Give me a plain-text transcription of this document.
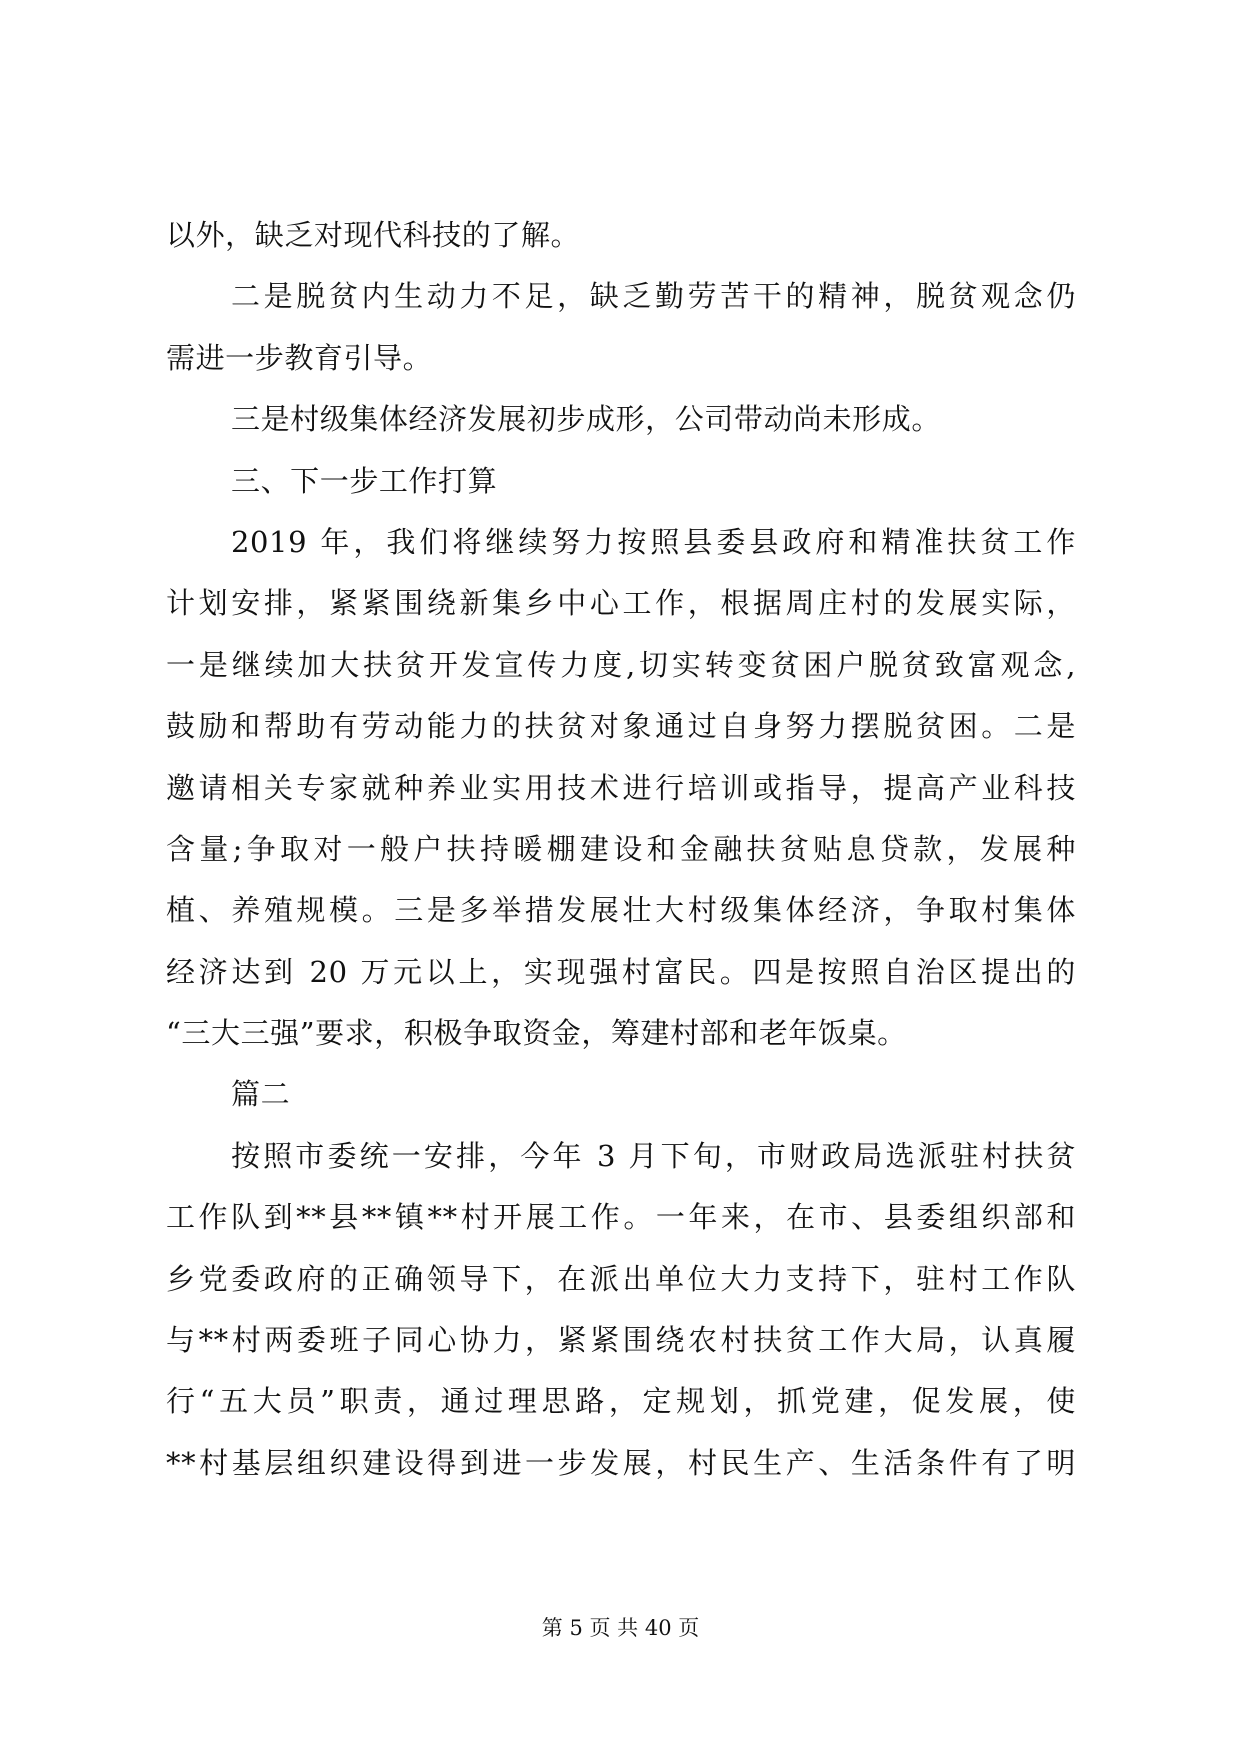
以外，缺乏对现代科技的了解。
二是脱贫内生动力不足，缺乏勤劳苦干的精神，脱贫观念仍
需进一步教育引导。
三是村级集体经济发展初步成形，公司带动尚未形成。
三、下一步工作打算
2019 年，我们将继续努力按照县委县政府和精准扶贫工作
计划安排，紧紧围绕新集乡中心工作，根据周庄村的发展实际，
一是继续加大扶贫开发宣传力度,切实转变贫困户脱贫致富观念,
鼓励和帮助有劳动能力的扶贫对象通过自身努力摆脱贫困。二是
邀请相关专家就种养业实用技术进行培训或指导，提高产业科技
含量;争取对一般户扶持暖棚建设和金融扶贫贴息贷款，发展种
植、养殖规模。三是多举措发展壮大村级集体经济，争取村集体
经济达到 20 万元以上，实现强村富民。四是按照自治区提出的
“三大三强”要求，积极争取资金，筹建村部和老年饭桌。
篇二
按照市委统一安排，今年 3 月下旬，市财政局选派驻村扶贫
工作队到**县**镇**村开展工作。一年来，在市、县委组织部和
乡党委政府的正确领导下，在派出单位大力支持下，驻村工作队
与**村两委班子同心协力，紧紧围绕农村扶贫工作大局，认真履
行“五大员”职责，通过理思路，定规划，抓党建，促发展，使
**村基层组织建设得到进一步发展，村民生产、生活条件有了明
第 5 页 共 40 页
